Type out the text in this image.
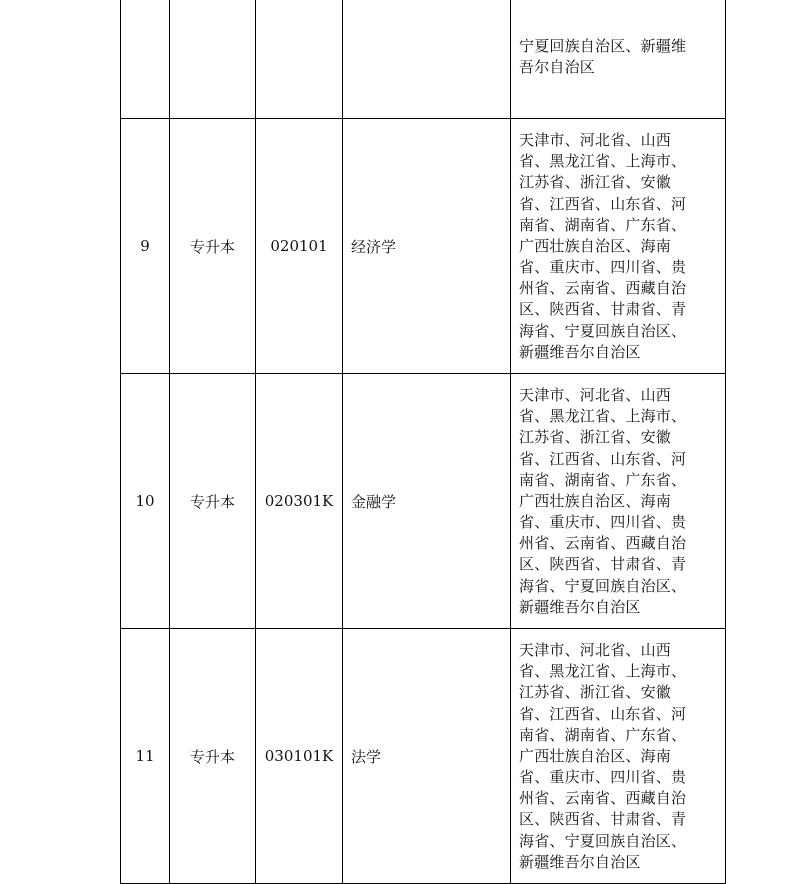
				宁夏回族自治区、新疆维吾尔自治区

9	专升本	020101	经济学	天津市、河北省、山西省、黑龙江省、上海市、江苏省、浙江省、安徽省、江西省、山东省、河南省、湖南省、广东省、广西壮族自治区、海南省、重庆市、四川省、贵州省、云南省、西藏自治区、陕西省、甘肃省、青海省、宁夏回族自治区、新疆维吾尔自治区

10	专升本	020301K	金融学	天津市、河北省、山西省、黑龙江省、上海市、江苏省、浙江省、安徽省、江西省、山东省、河南省、湖南省、广东省、广西壮族自治区、海南省、重庆市、四川省、贵州省、云南省、西藏自治区、陕西省、甘肃省、青海省、宁夏回族自治区、新疆维吾尔自治区

11	专升本	030101K	法学	天津市、河北省、山西省、黑龙江省、上海市、江苏省、浙江省、安徽省、江西省、山东省、河南省、湖南省、广东省、广西壮族自治区、海南省、重庆市、四川省、贵州省、云南省、西藏自治区、陕西省、甘肃省、青海省、宁夏回族自治区、新疆维吾尔自治区
